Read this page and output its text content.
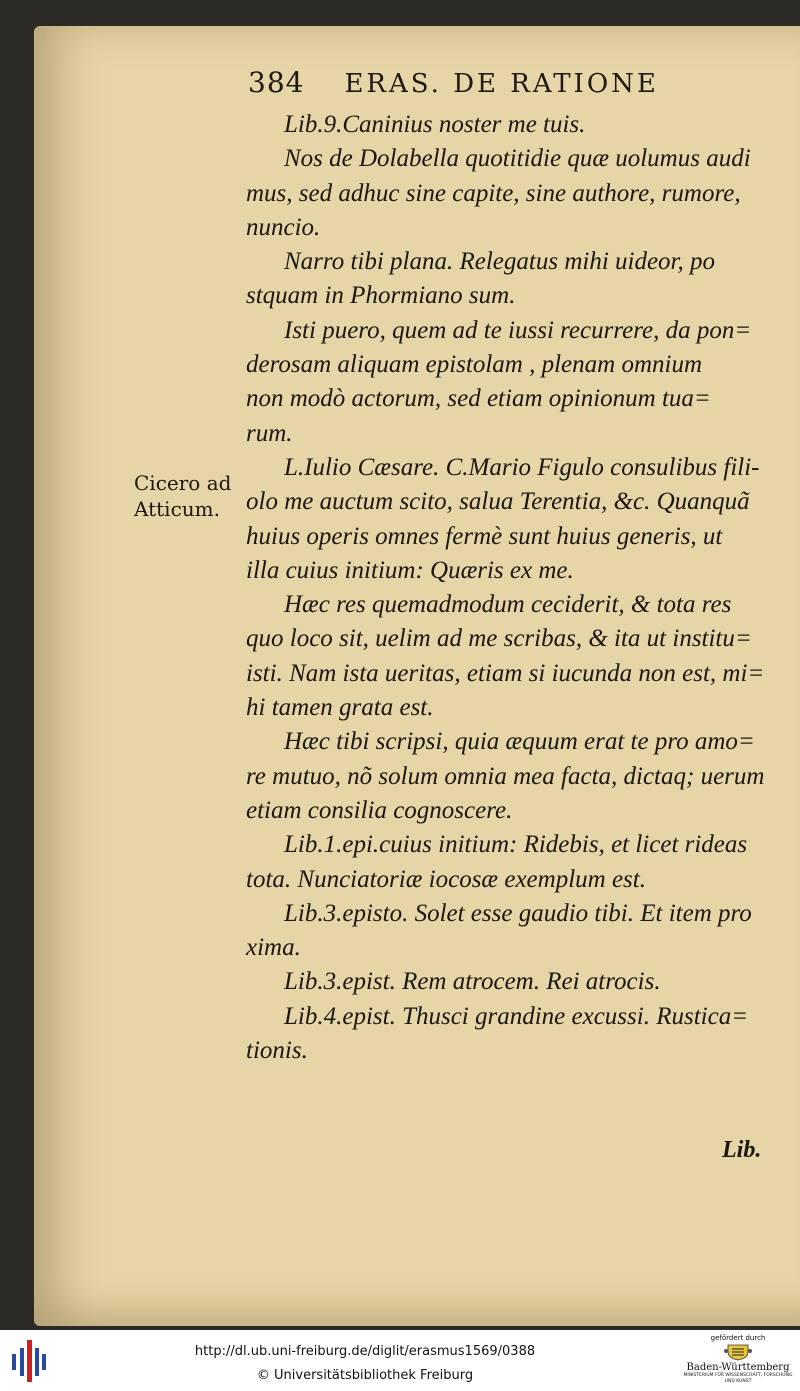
384 ERAS. DE RATIONE
Cicero ad
Atticum.
Lib.9.Caninius noster me tuis.
Nos de Dolabella quotitidie quæ uolumus audi
mus, sed adhuc sine capite, sine authore, rumore,
nuncio.
Narro tibi plana. Relegatus mihi uideor, po
stquam in Phormiano sum.
Isti puero, quem ad te iussi recurrere, da pon=
derosam aliquam epistolam , plenam omnium
non modò actorum, sed etiam opinionum tua=
rum.
L.Iulio Cæsare. C.Mario Figulo consulibus fili-
olo me auctum scito, salua Terentia, &c. Quanquã
huius operis omnes fermè sunt huius generis, ut
illa cuius initium: Quæris ex me.
Hæc res quemadmodum ceciderit, & tota res
quo loco sit, uelim ad me scribas, & ita ut institu=
isti. Nam ista ueritas, etiam si iucunda non est, mi=
hi tamen grata est.
Hæc tibi scripsi, quia æquum erat te pro amo=
re mutuo, nõ solum omnia mea facta, dictaq; uerum
etiam consilia cognoscere.
Lib.1.epi.cuius initium: Ridebis, et licet rideas
tota. Nunciatoriæ iocosæ exemplum est.
Lib.3.episto. Solet esse gaudio tibi. Et item pro
xima.
Lib.3.epist. Rem atrocem. Rei atrocis.
Lib.4.epist. Thusci grandine excussi. Rustica=
tionis.
Lib.
http://dl.ub.uni-freiburg.de/diglit/erasmus1569/0388
© Universitätsbibliothek Freiburg
gefördert durch
Baden-Württemberg
MINISTERIUM FÜR WISSENSCHAFT, FORSCHUNG UND KUNST
